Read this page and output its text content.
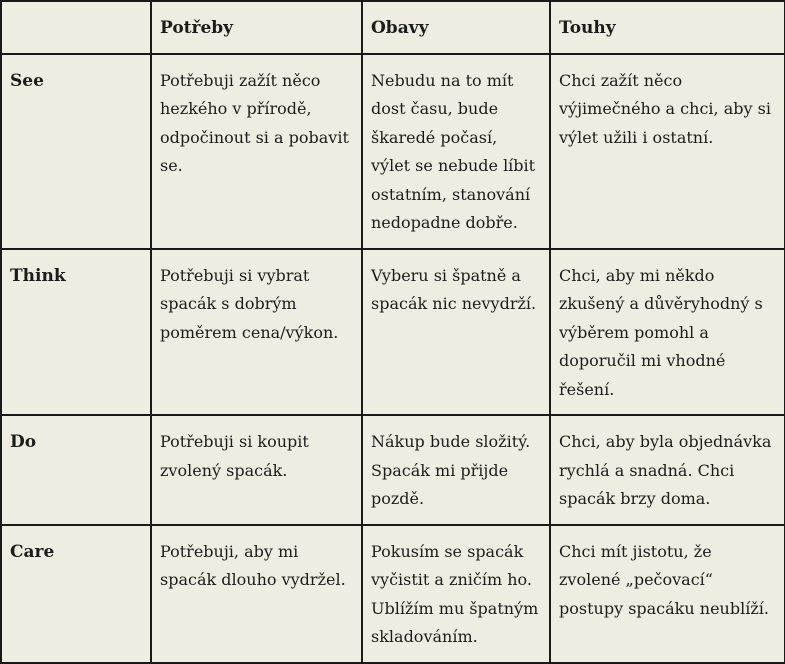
	Potřeby	Obavy	Touhy
See	Potřebuji zažít něco hezkého v přírodě, odpočinout si a pobavit se.	Nebudu na to mít dost času, bude škaredé počasí, výlet se nebude líbit ostatním, stanování nedopadne dobře.	Chci zažít něco výjimečného a chci, aby si výlet užili i ostatní.
Think	Potřebuji si vybrat spacák s dobrým poměrem cena/výkon.	Vyberu si špatně a spacák nic nevydrží.	Chci, aby mi někdo zkušený a důvěryhodný s výběrem pomohl a doporučil mi vhodné řešení.
Do	Potřebuji si koupit zvolený spacák.	Nákup bude složitý. Spacák mi přijde pozdě.	Chci, aby byla objednávka rychlá a snadná. Chci spacák brzy doma.
Care	Potřebuji, aby mi spacák dlouho vydržel.	Pokusím se spacák vyčistit a zničím ho. Ublížím mu špatným skladováním.	Chci mít jistotu, že zvolené „pečovací“ postupy spacáku neublíží.
